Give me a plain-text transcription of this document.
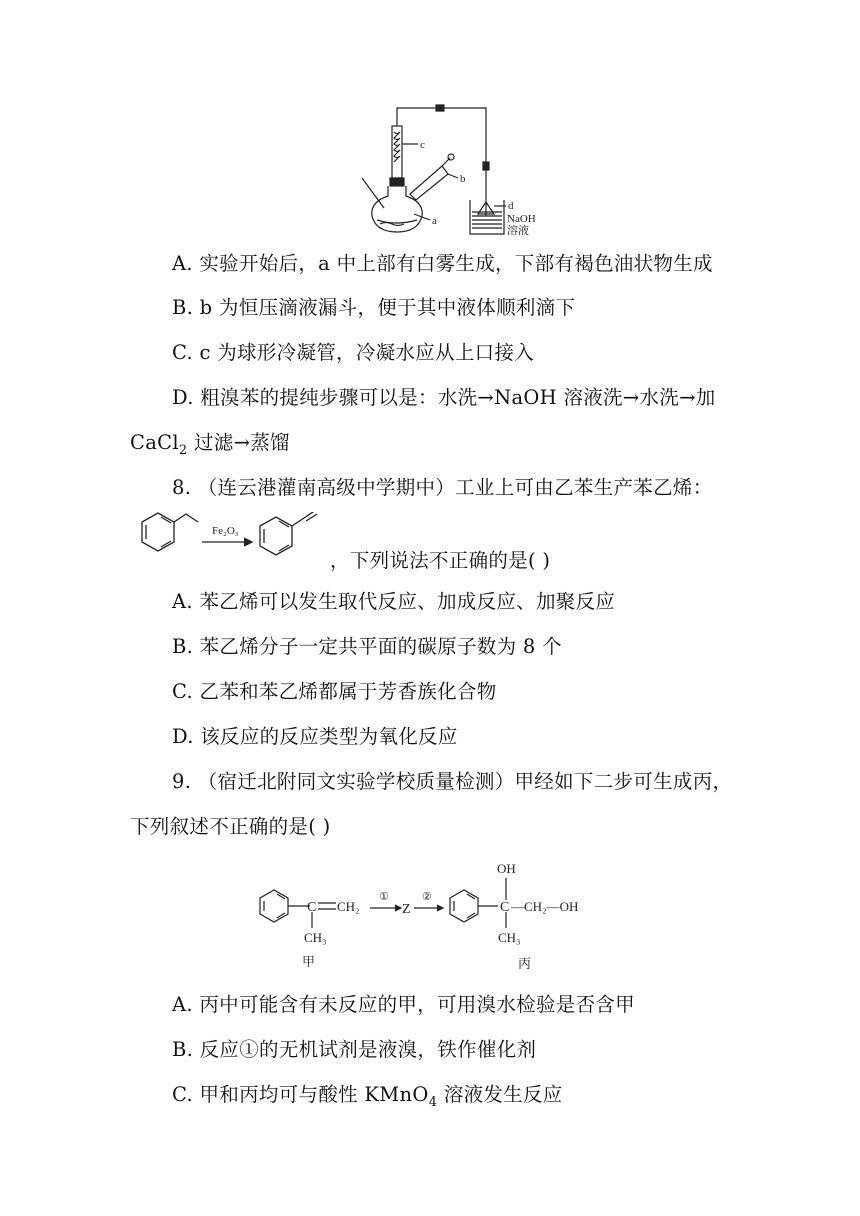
c
b
a
d
NaOH
溶液
A. 实验开始后，a 中上部有白雾生成，下部有褐色油状物生成
B. b 为恒压滴液漏斗，便于其中液体顺利滴下
C. c 为球形冷凝管，冷凝水应从上口接入
D. 粗溴苯的提纯步骤可以是：水洗→NaOH 溶液洗→水洗→加
CaCl$_2$ 过滤→蒸馏
8. （连云港灌南高级中学期中）工业上可由乙苯生产苯乙烯：
Fe₂O₃
，下列说法不正确的是( )
A. 苯乙烯可以发生取代反应、加成反应、加聚反应
B. 苯乙烯分子一定共平面的碳原子数为 8 个
C. 乙苯和苯乙烯都属于芳香族化合物
D. 该反应的反应类型为氧化反应
9. （宿迁北附同文实验学校质量检测）甲经如下二步可生成丙，
下列叙述不正确的是( )
C CH₂
CH₃
①
Z
②
OH
C —CH₂—OH
CH₃
甲	丙
A. 丙中可能含有未反应的甲，可用溴水检验是否含甲
B. 反应①的无机试剂是液溴，铁作催化剂
C. 甲和丙均可与酸性 KMnO$_4$ 溶液发生反应
